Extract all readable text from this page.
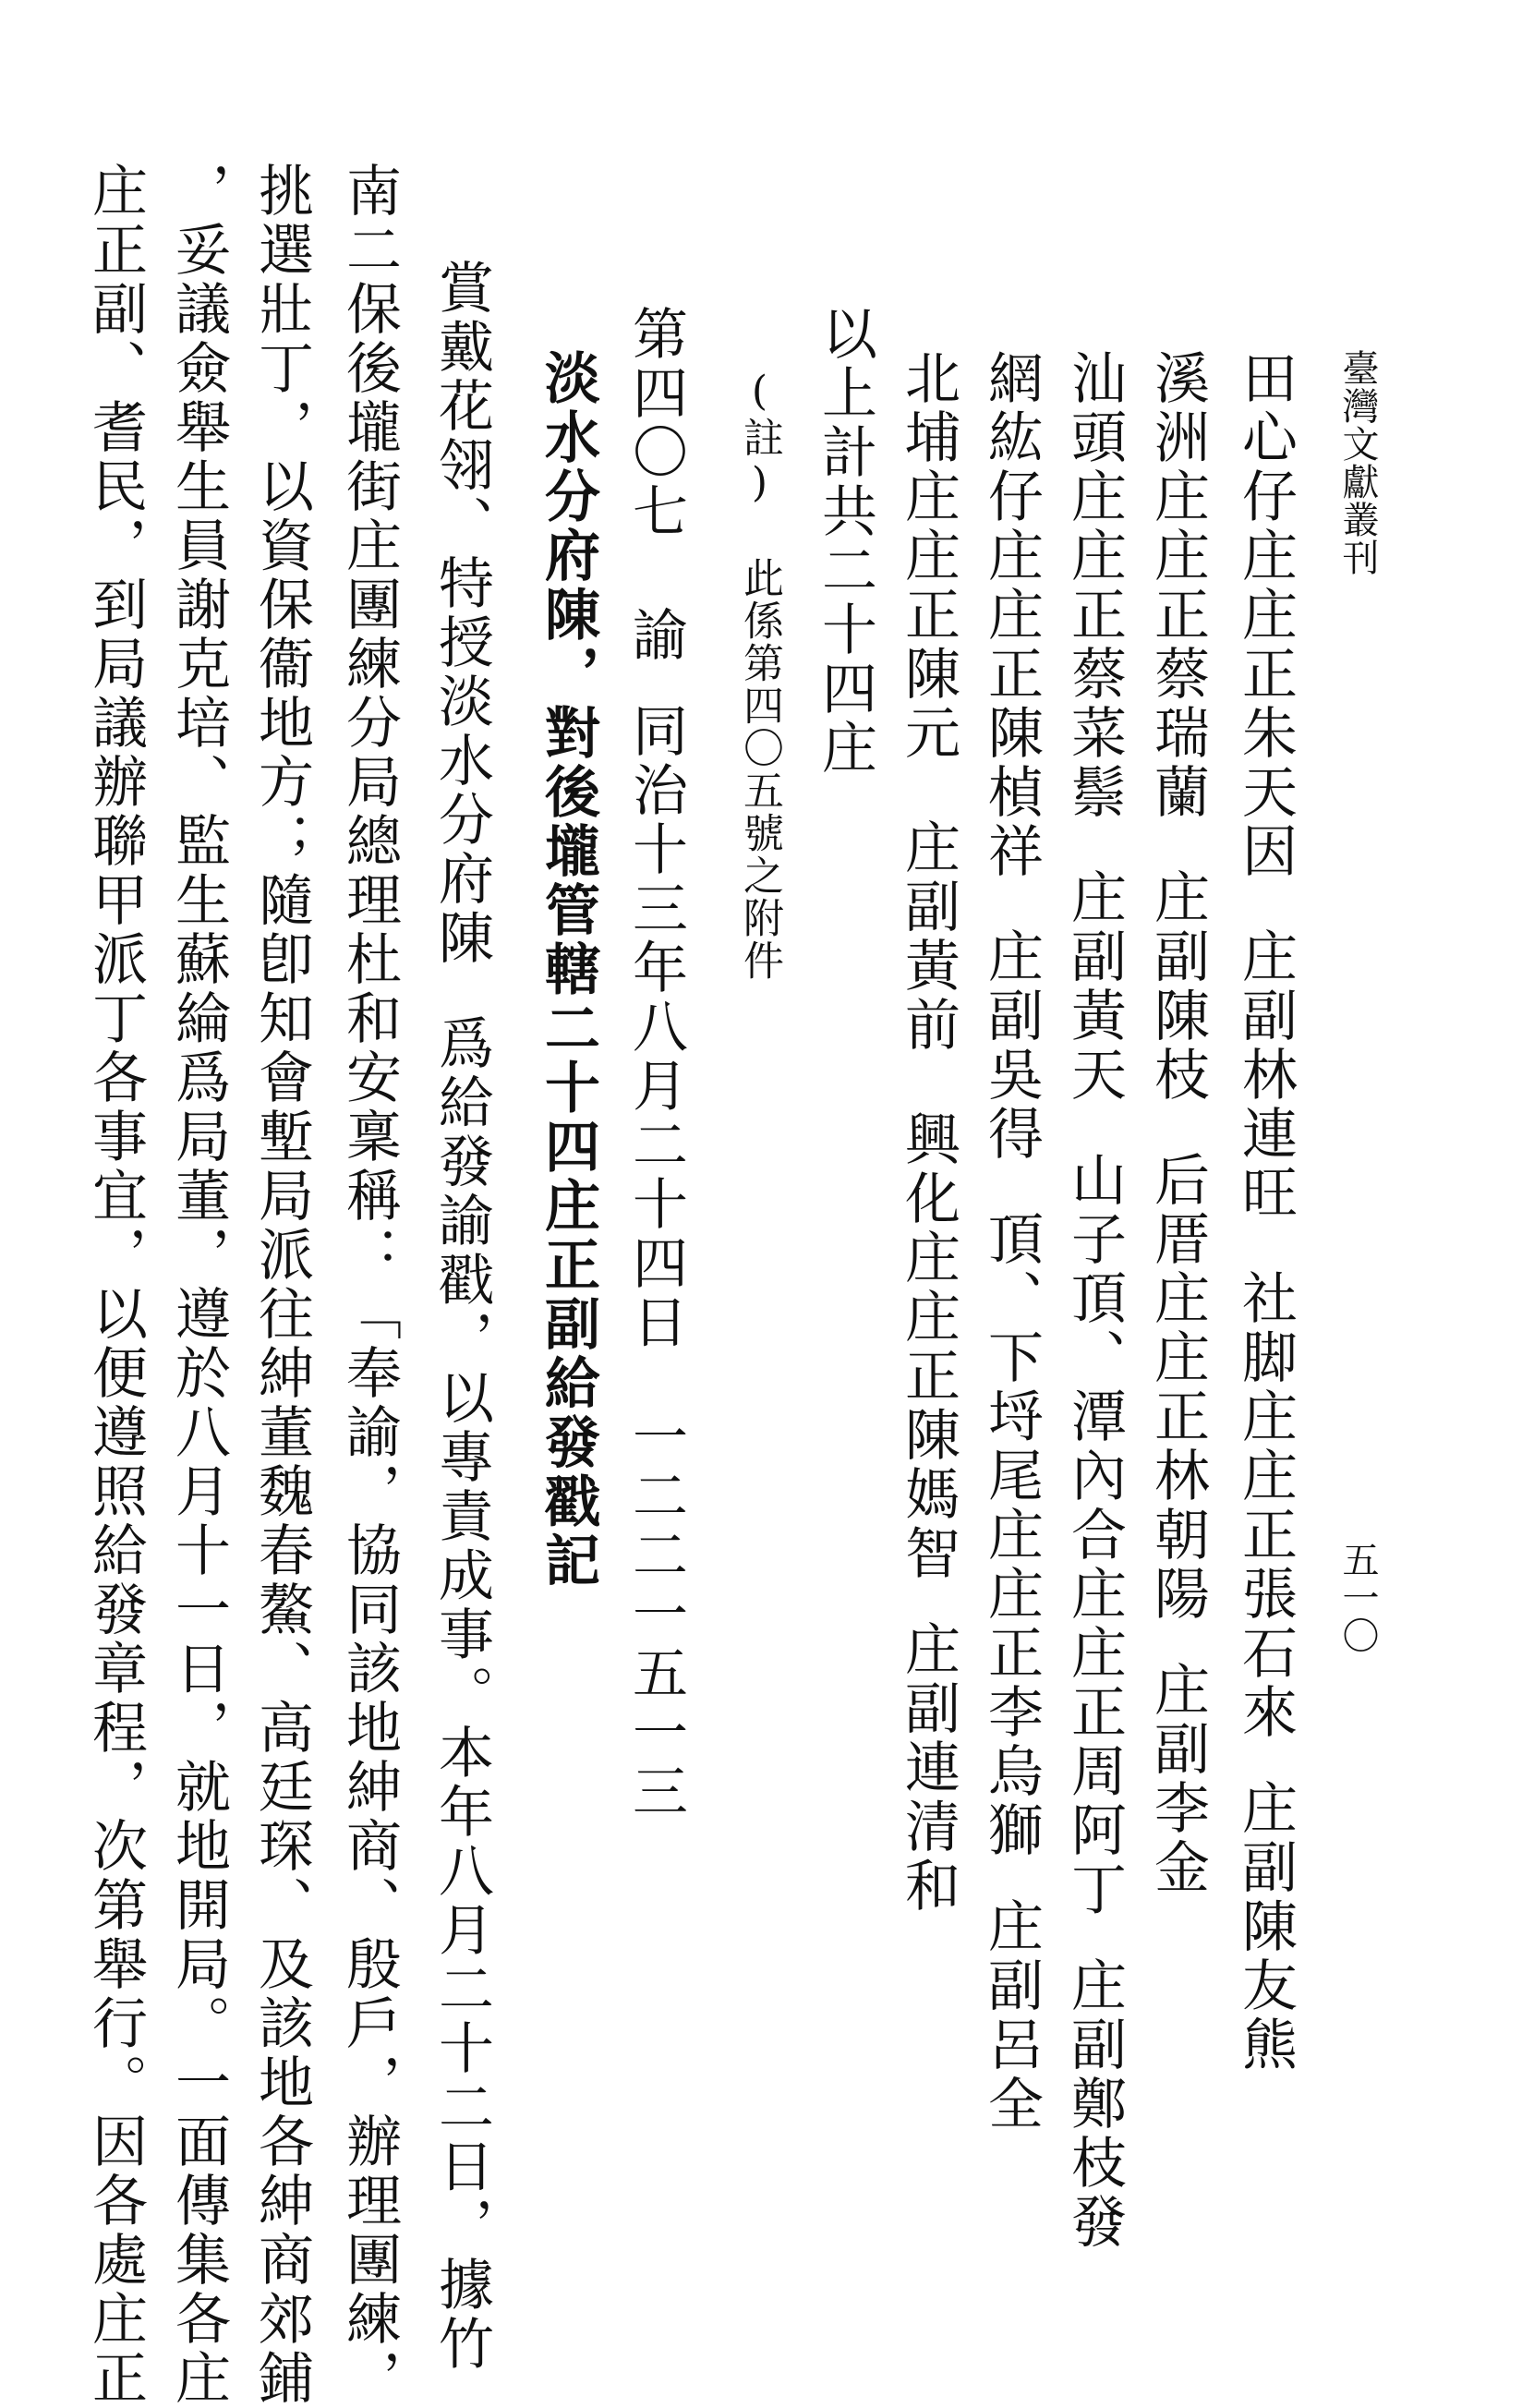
臺灣文獻叢刊
五一〇
田心仔庄庄正朱天因庄副林連旺社脚庄庄正張石來庄副陳友熊
溪洲庄庄正蔡瑞蘭庄副陳枝后厝庄庄正林朝陽庄副李金
汕頭庄庄正蔡菜鬃庄副黃天山子頂、潭內合庄庄正周阿丁庄副鄭枝發
網紘仔庄庄正陳楨祥庄副吳得頂、下埒尾庄庄正李烏獅庄副呂全
北埔庄庄正陳元庄副黃前興化庄庄正陳媽智庄副連清和
以上計共二十四庄
(註) 此係第四〇五號之附件
第四〇七諭同治十三年八月二十四日一二二一五一三
淡水分府陳，對後壠管轄二十四庄正副給發戳記
賞戴花翎、特授淡水分府陳爲給發諭戳，以專責成事。本年八月二十二日，據竹
南二保後壠街庄團練分局總理杜和安稟稱：「奉諭，協同該地紳商、殷戶，辦理團練，
挑選壯丁，以資保衞地方；隨卽知會塹局派往紳董魏春鰲、高廷琛、及該地各紳商郊鋪
，妥議僉舉生員謝克培、監生蘇綸爲局董，遵於八月十一日，就地開局。一面傳集各庄
庄正副、耆民，到局議辦聯甲派丁各事宜，以便遵照給發章程，次第舉行。因各處庄正
